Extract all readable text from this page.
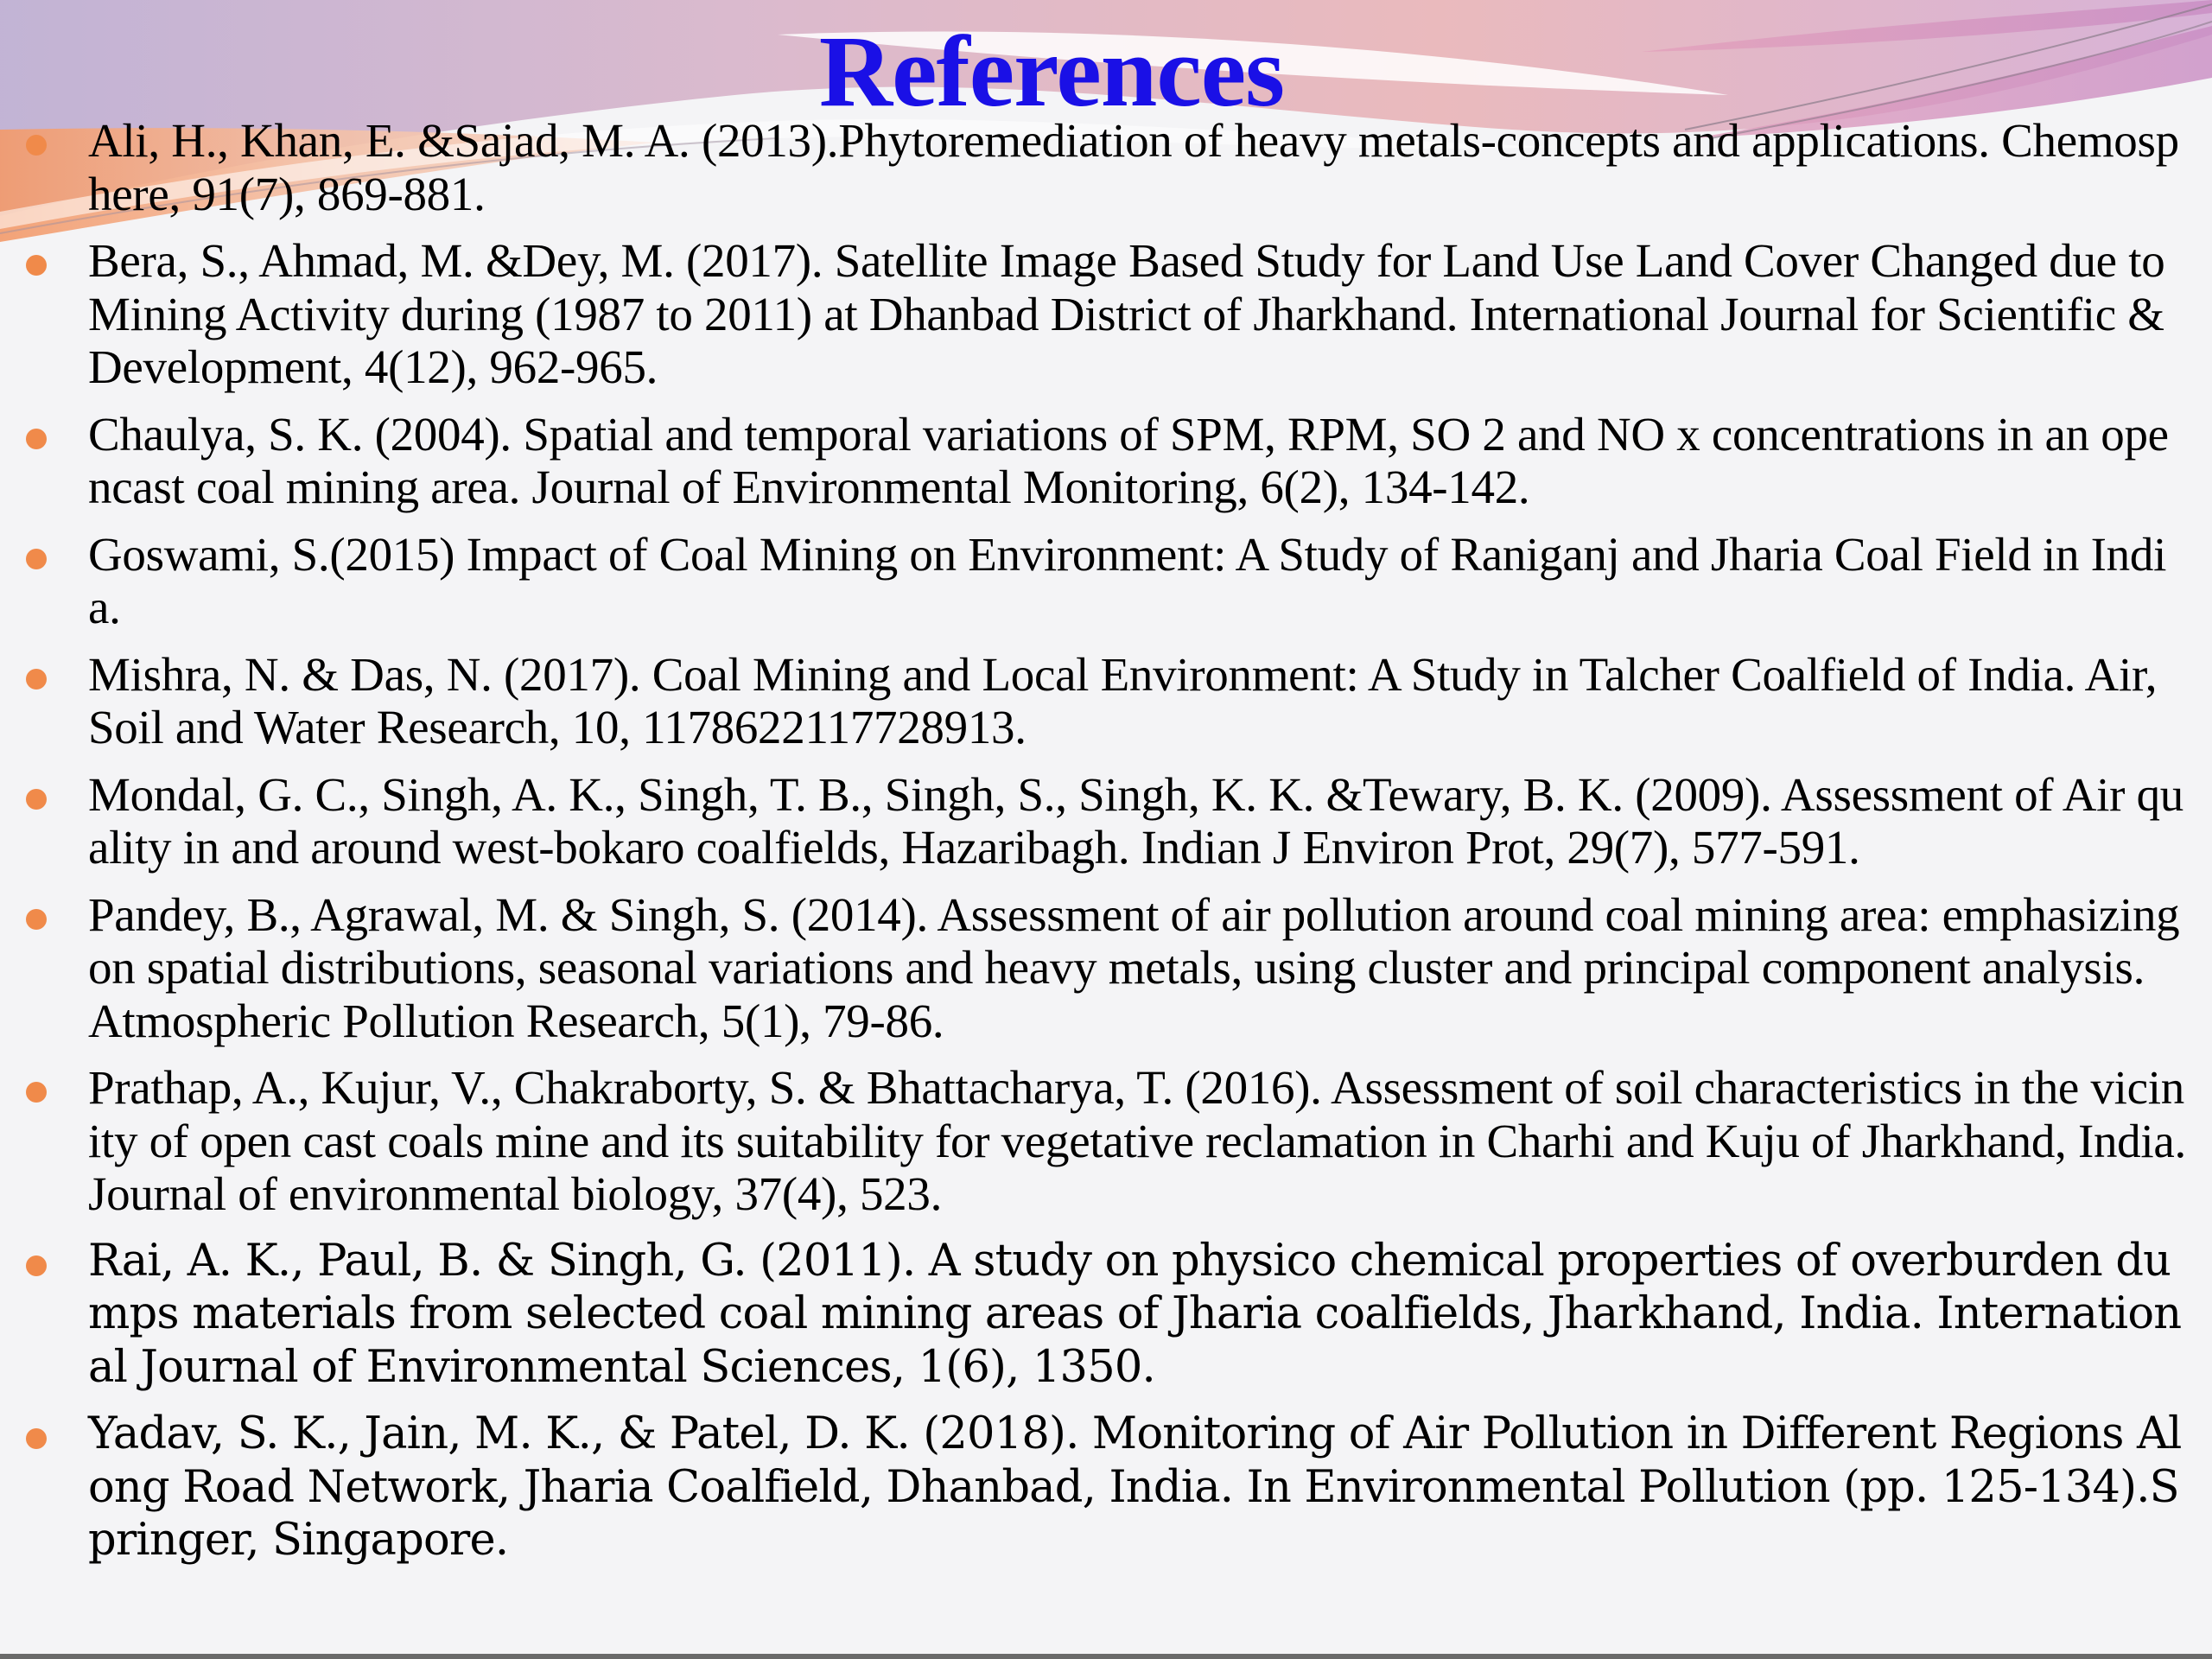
References
Ali, H., Khan, E. &Sajad, M. A. (2013).Phytoremediation of heavy metals-concepts and applications. Chemosphere, 91(7), 869-881.
Bera, S., Ahmad, M. &Dey, M. (2017). Satellite Image Based Study for Land Use Land Cover Changed due to Mining Activity during (1987 to 2011) at Dhanbad District of Jharkhand. International Journal for Scientific & Development, 4(12), 962-965.
Chaulya, S. K. (2004). Spatial and temporal variations of SPM, RPM, SO 2 and NO x concentrations in an opencast coal mining area. Journal of Environmental Monitoring, 6(2), 134-142.
Goswami, S.(2015) Impact of Coal Mining on Environment: A Study of Raniganj and Jharia Coal Field in India.
Mishra, N. & Das, N. (2017). Coal Mining and Local Environment: A Study in Talcher Coalfield of India. Air, Soil and Water Research, 10, 1178622117728913.
Mondal, G. C., Singh, A. K., Singh, T. B., Singh, S., Singh, K. K. &Tewary, B. K. (2009). Assessment of Air quality in and around west-bokaro coalfields, Hazaribagh. Indian J Environ Prot, 29(7), 577-591.
Pandey, B., Agrawal, M. & Singh, S. (2014). Assessment of air pollution around coal mining area: emphasizing on spatial distributions, seasonal variations and heavy metals, using cluster and principal component analysis. Atmospheric Pollution Research, 5(1), 79-86.
Prathap, A., Kujur, V., Chakraborty, S. & Bhattacharya, T. (2016). Assessment of soil characteristics in the vicinity of open cast coals mine and its suitability for vegetative reclamation in Charhi and Kuju of Jharkhand, India. Journal of environmental biology, 37(4), 523.
Rai, A. K., Paul, B. & Singh, G. (2011). A study on physico chemical properties of overburden dumps materials from selected coal mining areas of Jharia coalfields, Jharkhand, India. International Journal of Environmental Sciences, 1(6), 1350.
Yadav, S. K., Jain, M. K., & Patel, D. K. (2018). Monitoring of Air Pollution in Different Regions Along Road Network, Jharia Coalfield, Dhanbad, India. In Environmental Pollution (pp. 125-134).Springer, Singapore.
